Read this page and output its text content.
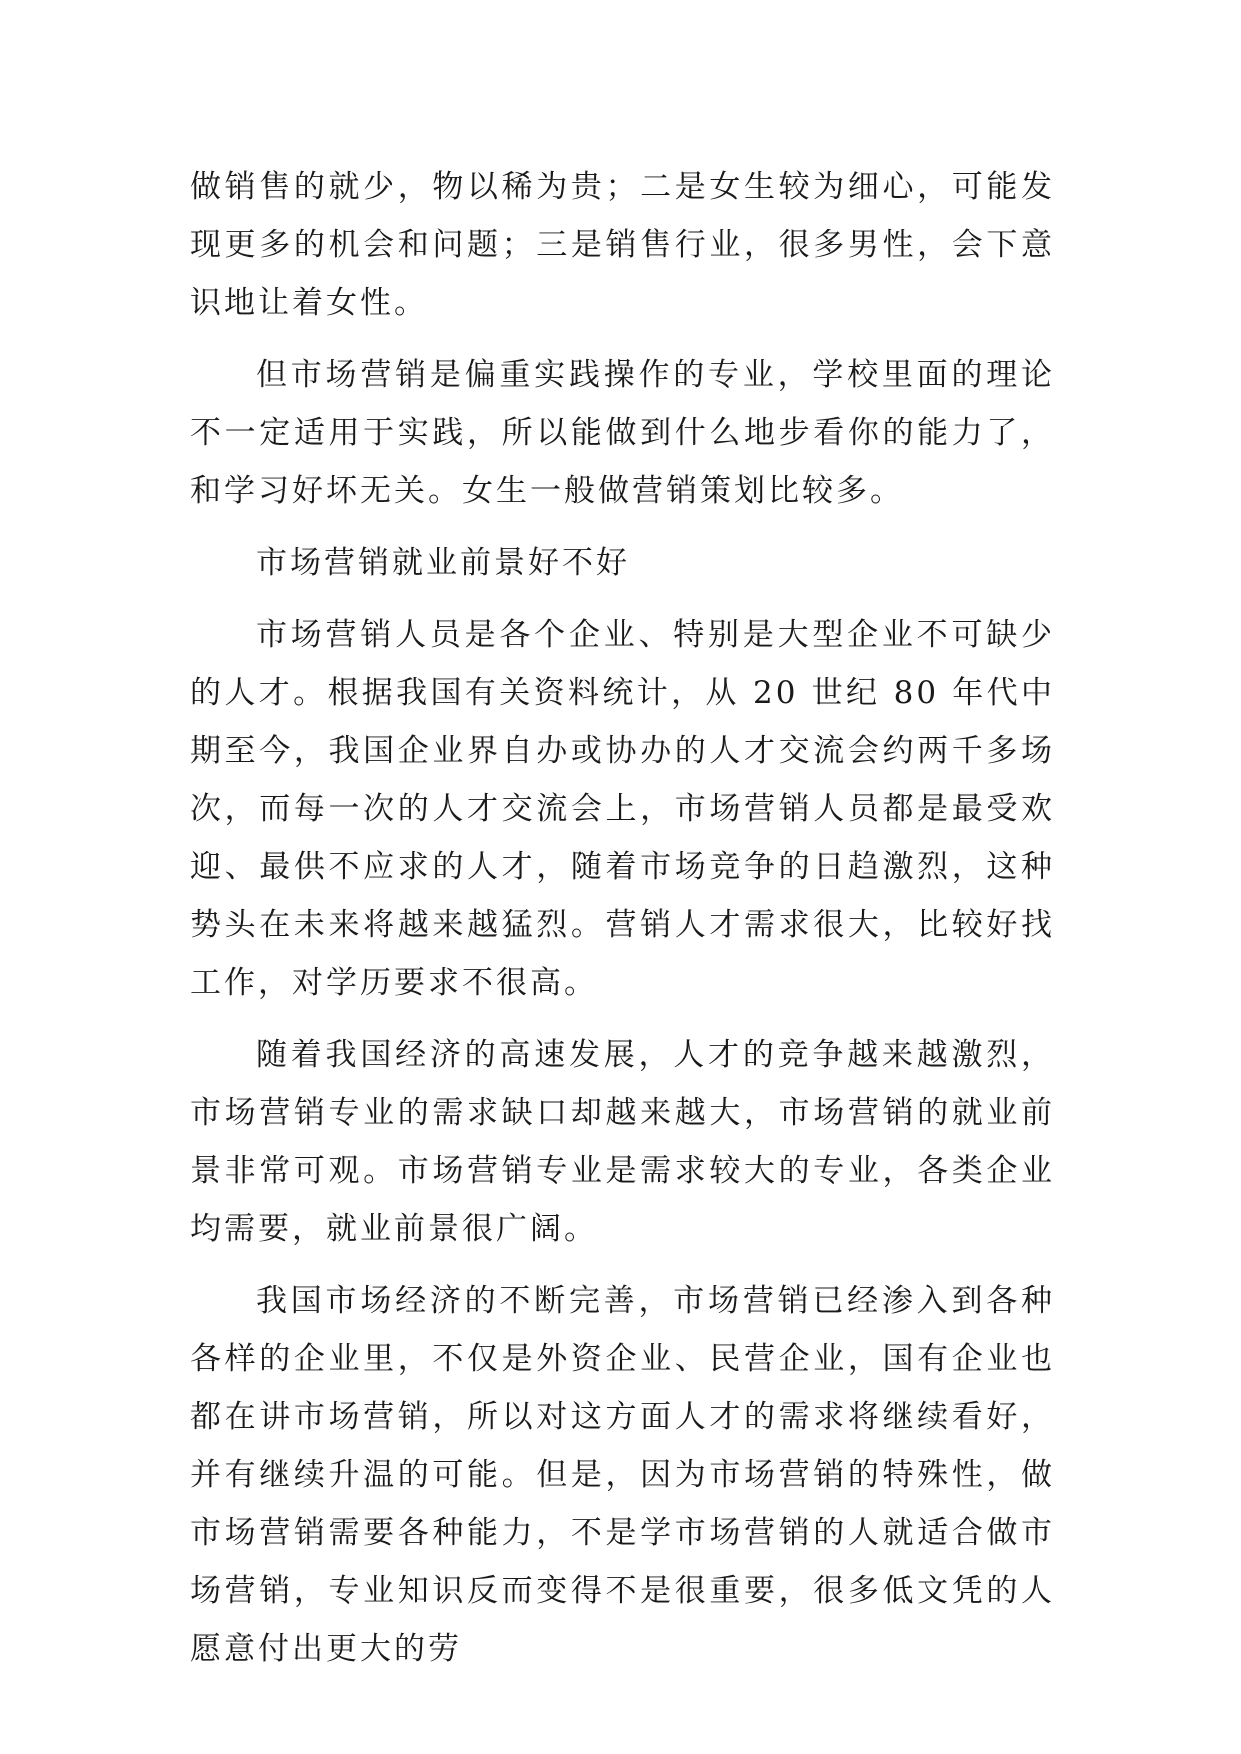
做销售的就少，物以稀为贵；二是女生较为细心，可能发现更多的机会和问题；三是销售行业，很多男性，会下意识地让着女性。

但市场营销是偏重实践操作的专业，学校里面的理论不一定适用于实践，所以能做到什么地步看你的能力了，和学习好坏无关。女生一般做营销策划比较多。

市场营销就业前景好不好

市场营销人员是各个企业、特别是大型企业不可缺少的人才。根据我国有关资料统计，从 20 世纪 80 年代中期至今，我国企业界自办或协办的人才交流会约两千多场次，而每一次的人才交流会上，市场营销人员都是最受欢迎、最供不应求的人才，随着市场竞争的日趋激烈，这种势头在未来将越来越猛烈。营销人才需求很大，比较好找工作，对学历要求不很高。

随着我国经济的高速发展，人才的竞争越来越激烈，市场营销专业的需求缺口却越来越大，市场营销的就业前景非常可观。市场营销专业是需求较大的专业，各类企业均需要，就业前景很广阔。

我国市场经济的不断完善，市场营销已经渗入到各种各样的企业里，不仅是外资企业、民营企业，国有企业也都在讲市场营销，所以对这方面人才的需求将继续看好，并有继续升温的可能。但是，因为市场营销的特殊性，做市场营销需要各种能力，不是学市场营销的人就适合做市场营销，专业知识反而变得不是很重要，很多低文凭的人愿意付出更大的劳
